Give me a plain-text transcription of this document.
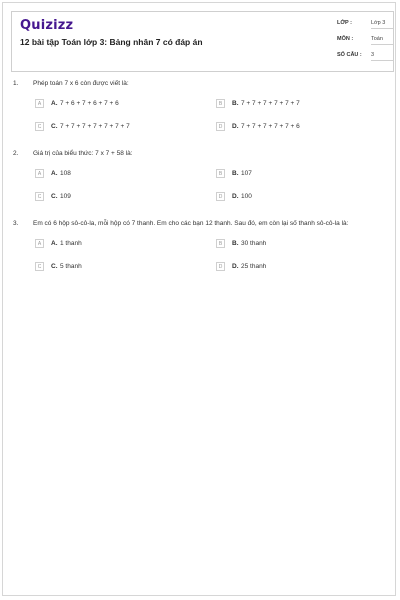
Quizizz
12 bài tập Toán lớp 3: Bảng nhân 7 có đáp án
LỚP :	Lớp 3
MÔN :	Toán
SỐ CÂU : 3
1. Phép toán 7 x 6 còn được viết là:
A	A. 7 + 6 + 7 + 6 + 7 + 6	B	B. 7 + 7 + 7 + 7 + 7 + 7
C	C. 7 + 7 + 7 + 7 + 7 + 7 + 7	D	D. 7 + 7 + 7 + 7 + 7 + 6
2. Giá trị của biểu thức: 7 x 7 + 58 là:
A	A. 108	B	B. 107
C	C. 109	D	D. 100
3. Em có 6 hộp sô-cô-la, mỗi hộp có 7 thanh. Em cho các bạn 12 thanh. Sau đó, em còn lại số thanh sô-cô-la là:
A	A. 1 thanh	B	B. 30 thanh
C	C. 5 thanh	D	D. 25 thanh
